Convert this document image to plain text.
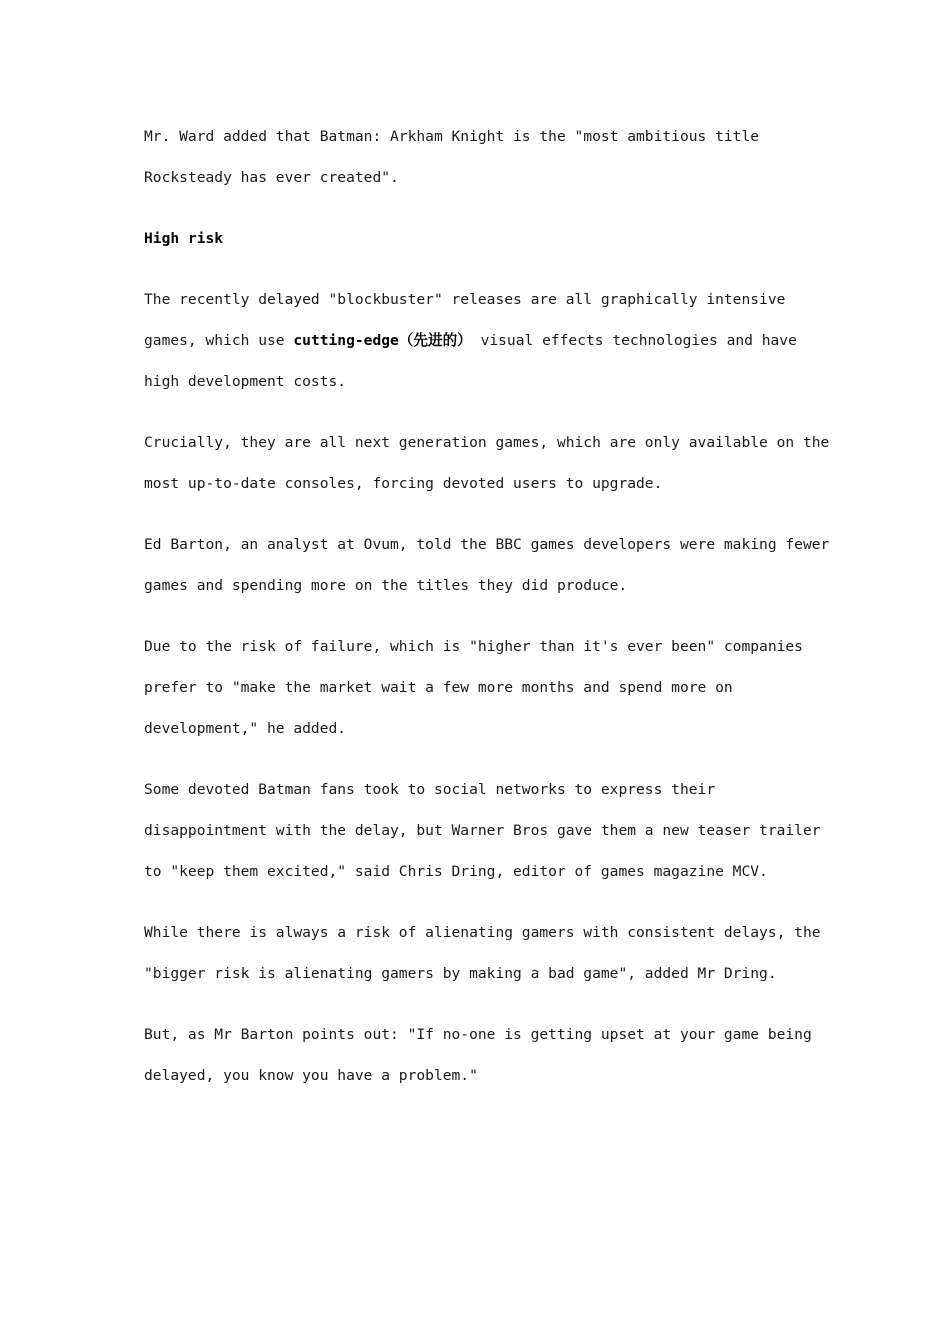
Mr. Ward added that Batman: Arkham Knight is the "most ambitious title
Rocksteady has ever created".

High risk

The recently delayed "blockbuster" releases are all graphically intensive
games, which use cutting-edge（先进的） visual effects technologies and have
high development costs.

Crucially, they are all next generation games, which are only available on the
most up-to-date consoles, forcing devoted users to upgrade.

Ed Barton, an analyst at Ovum, told the BBC games developers were making fewer
games and spending more on the titles they did produce.

Due to the risk of failure, which is "higher than it's ever been" companies
prefer to "make the market wait a few more months and spend more on
development," he added.

Some devoted Batman fans took to social networks to express their
disappointment with the delay, but Warner Bros gave them a new teaser trailer
to "keep them excited," said Chris Dring, editor of games magazine MCV.

While there is always a risk of alienating gamers with consistent delays, the
"bigger risk is alienating gamers by making a bad game", added Mr Dring.

But, as Mr Barton points out: "If no-one is getting upset at your game being
delayed, you know you have a problem."
